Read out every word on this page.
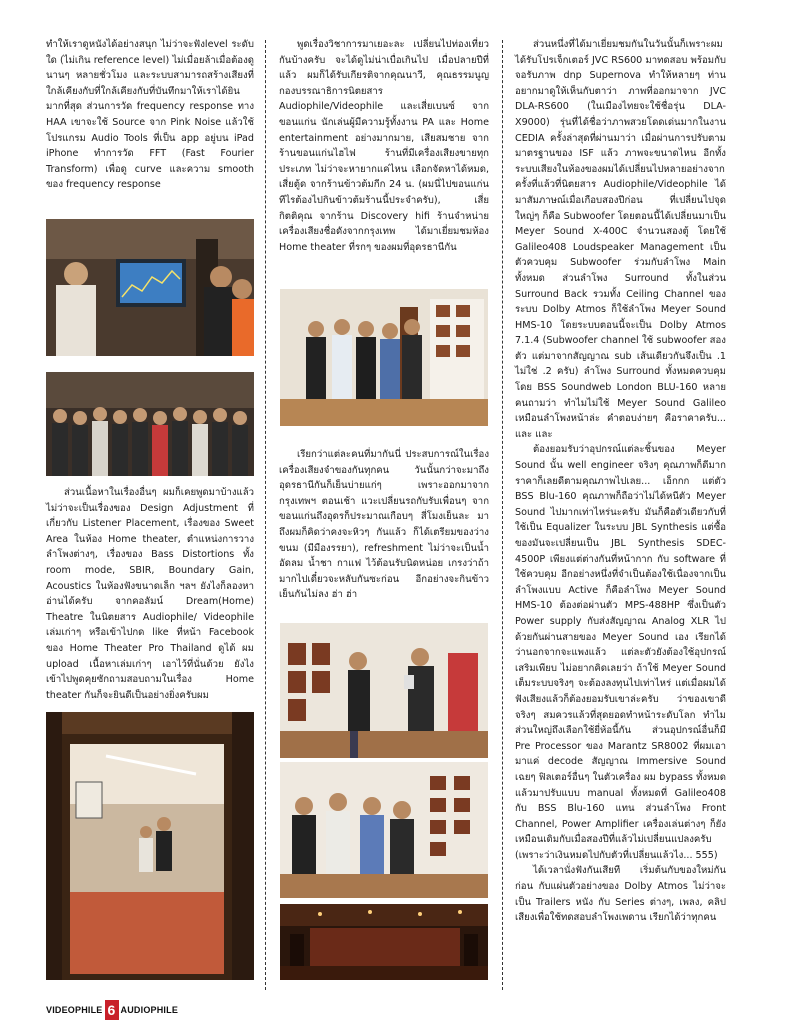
ทำให้เราดูหนังได้อย่างสนุก ไม่ว่าจะฟังlevel ระดับใด (ไม่เกิน reference level) ไม่เมื่อยล้าเมื่อต้องดูนานๆ หลายชั่วโมง และระบบสามารถสร้างเสียงที่ใกล้เคียงกับที่ใกล้เคียงกับที่บันทึกมาให้เราได้ยินมากที่สุด ส่วนการวัด frequency response ทาง HAA เขาจะใช้ Source จาก Pink Noise แล้วใช้โปรแกรม Audio Tools ที่เป็น app อยู่บน iPad iPhone ทำการวัด FFT (Fast Fourier Transform) เพื่อดู curve และความ smooth ของ frequency response

ส่วนเนื้อหาในเรื่องอื่นๆ ผมก็เคยพูดมาบ้างแล้ว ไม่ว่าจะเป็นเรื่องของ Design Adjustment ที่เกี่ยวกับ Listener Placement, เรื่องของ Sweet Area ในห้อง Home theater, ตำแหน่งการวางลำโพงต่างๆ, เรื่องของ Bass Distortions ทั้ง room mode, SBIR, Boundary Gain, Acoustics ในห้องฟังขนาดเล็ก ฯลฯ ยังไงก็ลองหาอ่านได้ครับ จากคอลัมน์ Dream(Home) Theatre ในนิตยสาร Audiophile/ Videophile เล่มเก่าๆ หรือเข้าไปกด like ที่หน้า Facebook ของ Home Theater Pro Thailand ดูได้ ผม upload เนื้อหาเล่มเก่าๆ เอาไว้ที่นั่นด้วย ยังไงเข้าไปพูดคุยซักถามสอบถามในเรื่อง Home theater กันก็จะยินดีเป็นอย่างยิ่งครับผม

พูดเรื่องวิชาการมาเยอะละ เปลี่ยนไปท่องเที่ยวกันบ้างครับ จะได้ดูไม่น่าเบื่อเกินไป เมื่อปลายปีที่แล้ว ผมก็ได้รับเกียรติจากคุณนาวี, คุณธรรมนูญ กองบรรณาธิการนิตยสาร Audiophile/Videophile และเสี่ยเบนซ์ จากขอนแก่น นักเล่นผู้มีความรู้ทั้งงาน PA และ Home entertainment อย่างมากมาย, เสียสมชาย จากร้านขอนแก่นไฮไฟ ร้านที่มีเครื่องเสียงขายทุกประเภท ไม่ว่าจะหายากแค่ไหน เลือกจัดหาได้หมด, เสี่ยตู้ด จากร้านข้าวต้มกีก 24 น. (ผมนี่ไปขอนแก่นทีไรต้องไปกินข้าวต้มร้านนี้ประจำครับ), เสี่ยกิตติคุณ จากร้าน Discovery hifi ร้านจำหน่ายเครื่องเสียงชื่อดังจากกรุงเทพ ได้มาเยี่ยมชมห้อง Home theater ที่รกๆ ของผมที่อุดรธานีกัน

เรียกว่าแต่ละคนที่มากันนี่ ประสบการณ์ในเรื่องเครื่องเสียงจำของกันทุกคน วันนั้นกว่าจะมาถึงอุดรธานีกันก็เย็นบ่ายแก่ๆ เพราะออกมาจากกรุงเทพฯ ตอนเช้า แวะเปลี่ยนรถกับรับเพื่อนๆ จากขอนแก่นถึงอุดรก็ประมาณเกือบๆ สี่โมงเย็นละ มาถึงผมก็คิดว่าคงจะหิวๆ กันแล้ว ก็ได้เตรียมของว่างขนม (มีมืองรรยา), refreshment ไม่ว่าจะเป็นน้ำอัดลม น้ำชา กาแฟ ไว้ต้อนรับนิดหน่อย เกรงว่าถ้ามากไปเดี๋ยวจะหลับกันซะก่อน อีกอย่างจะกินข้าวเย็นกันไม่ลง ฮ่า ฮ่า

ส่วนหนึ่งที่ได้มาเยี่ยมชมกันในวันนั้นก็เพราะผมได้รับโปรเจ็กเตอร์ JVC RS600 มาทดสอบ พร้อมกับจอรับภาพ dnp Supernova ทำให้หลายๆ ท่านอยากมาดูให้เห็นกับตาว่า ภาพที่ออกมาจาก JVC DLA-RS600 (ในเมืองไทยจะใช้ชื่อรุ่น DLA-X9000) รุ่นที่ได้ชื่อว่าภาพสวยโดดเด่นมากในงาน CEDIA ครั้งล่าสุดที่ผ่านมาว่า เมื่อผ่านการปรับตามมาตรฐานของ ISF แล้ว ภาพจะขนาดไหน อีกทั้งระบบเสียงในห้องของผมได้เปลี่ยนไปหลายอย่างจากครั้งที่แล้วที่นิตยสาร Audiophile/Videophile ได้มาสัมภาษณ์เมื่อเกือบสองปีก่อน ที่เปลี่ยนไปจุดใหญ่ๆ ก็คือ Subwoofer โดยตอนนี้ได้เปลี่ยนมาเป็น Meyer Sound X-400C จำนวนสองตู้ โดยใช้ Galileo408 Loudspeaker Management เป็นตัวควบคุม Subwoofer ร่วมกับลำโพง Main ทั้งหมด ส่วนลำโพง Surround ทั้งในส่วน Surround Back รวมทั้ง Ceiling Channel ของระบบ Dolby Atmos ก็ใช้ลำโพง Meyer Sound HMS-10 โดยระบบตอนนี้จะเป็น Dolby Atmos 7.1.4 (Subwoofer channel ใช้ subwoofer สองตัว แต่มาจากสัญญาณ sub เส้นเดียวกันจึงเป็น .1 ไม่ใช่ .2 ครับ) ลำโพง Surround ทั้งหมดควบคุมโดย BSS Soundweb London BLU-160 หลายคนถามว่า ทำไมไม่ใช้ Meyer Sound Galileo เหมือนลำโพงหน้าล่ะ คำตอบง่ายๆ คือราคาครับ... และ และ

ต้องยอมรับว่าอุปกรณ์แต่ละชิ้นของ Meyer Sound นั้น well engineer จริงๆ คุณภาพก็ดีมาก ราคาก็เลยดีตามคุณภาพไปเลย... เอ็กกก แต่ตัว BSS Blu-160 คุณภาพก็ถือว่าไม่ได้หนีตัว Meyer Sound ไปมากเท่าไหร่นะครับ มันก็คือตัวเดียวกับที่ใช้เป็น Equalizer ในระบบ JBL Synthesis แต่ซื้อของมันจะเปลี่ยนเป็น JBL Synthesis SDEC-4500P เพียงแต่ต่างกันที่หน้ากาก กับ software ที่ใช้ควบคุม อีกอย่างหนึ่งที่จำเป็นต้องใช้เนื่องจากเป็นลำโพงแบบ Active ก็คือลำโพง Meyer Sound HMS-10 ต้องต่อผ่านตัว MPS-488HP ซึ่งเป็นตัว Power supply กับส่งสัญญาณ Analog XLR ไปด้วยกันผ่านสายของ Meyer Sound เอง เรียกได้ว่านอกจากจะแพงแล้ว แต่ละตัวยังต้องใช้อุปกรณ์เสริมเพียบ ไม่อยากคิดเลยว่า ถ้าใช้ Meyer Sound เต็มระบบจริงๆ จะต้องลงทุนไปเท่าไหร่ แต่เมื่อผมได้ฟังเสียงแล้วก็ต้องยอมรับเขาล่ะครับ ว่าของเขาดีจริงๆ สมควรแล้วที่สุดยอดทำหน้าระดับโลก ทำไมส่วนใหญ่ถึงเลือกใช้ยี่ห้อนี้กัน ส่วนอุปกรณ์อื่นก็มี Pre Processor ของ Marantz SR8002 ที่ผมเอามาแค่ decode สัญญาณ Immersive Sound เฉยๆ ฟิลเตอร์อื่นๆ ในตัวเครื่อง ผม bypass ทั้งหมด แล้วมาปรับแบบ manual ทั้งหมดที่ Galileo408 กับ BSS Blu-160 แทน ส่วนลำโพง Front Channel, Power Amplifier เครื่องเล่นต่างๆ ก็ยังเหมือนเดิมกับเมื่อสองปีที่แล้วไม่เปลี่ยนแปลงครับ (เพราะว่าเงินหมดไปกับตัวที่เปลี่ยนแล้วไง... 555)

ได้เวลานั่งฟังกันเสียที เริ่มต้นกับของใหม่กันก่อน กับแผ่นตัวอย่างของ Dolby Atmos ไม่ว่าจะเป็น Trailers หนัง กับ Series ต่างๆ, เพลง, คลิปเสียงเพื่อใช้ทดสอบลำโพงเพดาน เรียกได้ว่าทุกคน

VIDEOPHILE 6 AUDIOPHILE
